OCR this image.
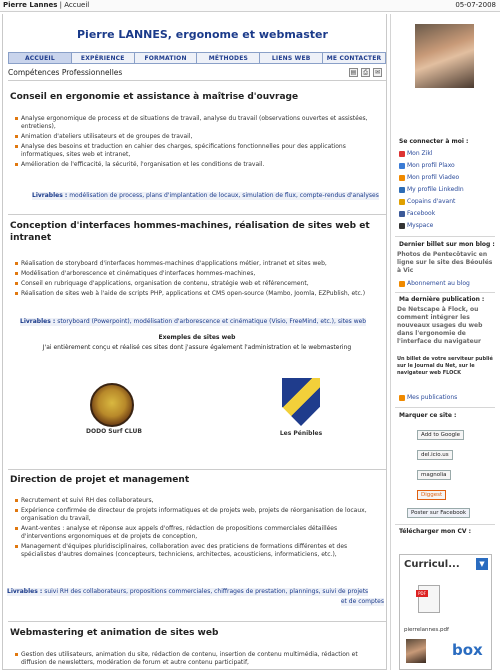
Pierre Lannes | Accueil	05-07-2008
Pierre LANNES, ergonome et webmaster
ACCUEIL	EXPÉRIENCE	FORMATION	MÉTHODES	LIENS WEB	ME CONTACTER
Compétences Professionnelles	▤	⎙	✉
Conseil en ergonomie et assistance à maîtrise d'ouvrage
Analyse ergonomique de process et de situations de travail, analyse du travail (observations ouvertes et assistées, entretiens),
Animation d'ateliers utilisateurs et de groupes de travail,
Analyse des besoins et traduction en cahier des charges, spécifications fonctionnelles pour des applications informatiques, sites web et intranet,
Amélioration de l'efficacité, la sécurité, l'organisation et les conditions de travail.
Livrables : modélisation de process, plans d'implantation de locaux, simulation de flux, compte-rendus d'analyses
Conception d'interfaces hommes-machines, réalisation de sites web et intranet
Réalisation de storyboard d'interfaces hommes-machines d'applications métier, intranet et sites web,
Modélisation d'arborescence et cinématiques d'interfaces hommes-machines,
Conseil en rubriquage d'applications, organisation de contenu, stratégie web et référencement,
Réalisation de sites web à l'aide de scripts PHP, applications et CMS open-source (Mambo, Joomla, EZPublish, etc.)
Livrables : storyboard (Powerpoint), modélisation d'arborescence et cinématique (Visio, FreeMind, etc.), sites web
Exemples de sites web
J'ai entièrement conçu et réalisé ces sites dont j'assure également l'administration et le webmastering
DODO Surf CLUB	Les Pénibles
Direction de projet et management
Recrutement et suivi RH des collaborateurs,
Expérience confirmée de directeur de projets informatiques et de projets web, projets de réorganisation de locaux, organisation du travail,
Avant-ventes : analyse et réponse aux appels d'offres, rédaction de propositions commerciales détaillées d'interventions ergonomiques et de projets de conception,
Management d'équipes pluridisciplinaires, collaboration avec des praticiens de formations différentes et des spécialistes d'autres domaines (concepteurs, techniciens, architectes, acousticiens, informaticiens, etc.),
Livrables : suivi RH des collaborateurs, propositions commerciales, chiffrages de prestation, plannings, suivi de projets
et de comptes
Webmastering et animation de sites web
Gestion des utilisateurs, animation du site, rédaction de contenu, insertion de contenu multimédia, rédaction et diffusion de newsletters, modération de forum et autre contenu participatif,
Se connecter à moi :
Mon Zikl
Mon profil Plaxo
Mon profil Viadeo
My profile LinkedIn
Copains d'avant
Facebook
Myspace
Dernier billet sur mon blog :
Photos de Pentecôtavic en ligne sur le site des Béoulés à Vic
Abonnement au blog
Ma dernière publication :
De Netscape à Flock, ou comment intégrer les nouveaux usages du web dans l'ergonomie de l'interface du navigateur
Un billet de votre serviteur publié sur le Journal du Net, sur le navigateur web FLOCK
Mes publications
Marquer ce site :
Add to Google
del.icio.us
magnolia
Diggest
Poster sur Facebook
Télécharger mon CV :
Curricul...	▼
PDF
pierrelannes.pdf
box
